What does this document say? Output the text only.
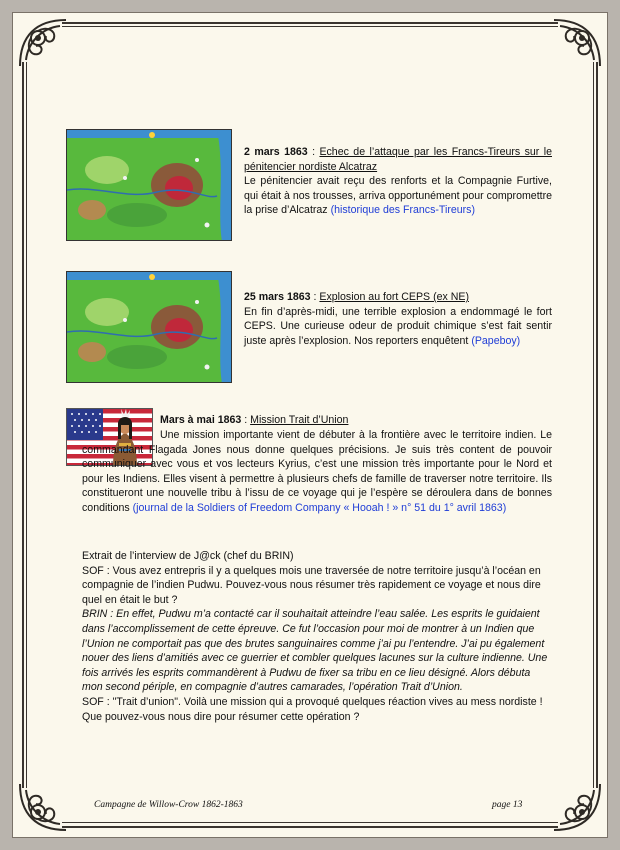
2 mars 1863 : Echec de l’attaque par les Francs-Tireurs sur le pénitencier nordiste Alcatraz

Le pénitencier avait reçu des renforts et la Compagnie Furtive, qui était à nos trousses, arriva opportunément pour compromettre la prise d’Alcatraz (historique des Francs-Tireurs)

25 mars 1863 : Explosion au fort CEPS (ex NE)

En fin d’après-midi, une terrible explosion a endommagé le fort CEPS. Une curieuse odeur de produit chimique s’est fait sentir juste après l’explosion. Nos reporters enquêtent (Papeboy)

Mars à mai 1863 : Mission Trait d’Union

Une mission importante vient de débuter à la frontière avec le territoire indien. Le commandant Flagada Jones nous donne quelques précisions. Je suis très content de pouvoir communiquer avec vous et vos lecteurs Kyrius, c’est une mission très importante pour le Nord et pour les Indiens. Elles visent à permettre à plusieurs chefs de famille de traverser notre territoire. Ils constitueront une nouvelle tribu à l’issu de ce voyage qui je l’espère se déroulera dans de bonnes conditions (journal de la Soldiers of Freedom Company « Hooah ! » n° 51 du 1° avril 1863)

Extrait de l’interview de J@ck (chef du BRIN)

SOF : Vous avez entrepris il y a quelques mois une traversée de notre territoire jusqu’à l’océan en compagnie de l’indien Pudwu. Pouvez-vous nous résumer très rapidement ce voyage et nous dire quel en était le but ?

BRIN : En effet, Pudwu m’a contacté car il souhaitait atteindre l’eau salée. Les esprits le guidaient dans l’accomplissement de cette épreuve. Ce fut l’occasion pour moi de montrer à un Indien que l’Union ne comportait pas que des brutes sanguinaires comme j’ai pu l’entendre. J’ai pu également nouer des liens d’amitiés avec ce guerrier et combler quelques lacunes sur la culture indienne. Une fois arrivés les esprits commandèrent à Pudwu de fixer sa tribu en ce lieu désigné. Alors débuta mon second périple, en compagnie d’autres camarades, l’opération Trait d’Union.

SOF : "Trait d’union". Voilà une mission qui a provoqué quelques réaction vives au mess nordiste ! Que pouvez-vous nous dire pour résumer cette opération ?

Campagne de Willow-Crow 1862-1863	page 13
